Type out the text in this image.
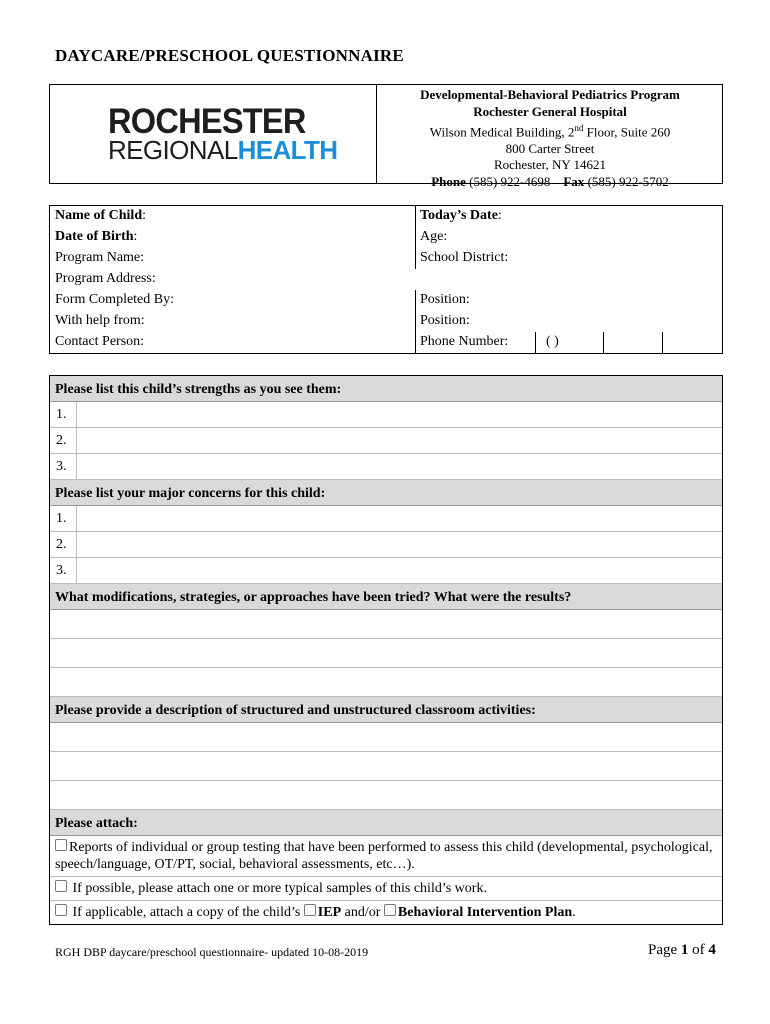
DAYCARE/PRESCHOOL QUESTIONNAIRE
ROCHESTER
REGIONALHEALTH
Developmental-Behavioral Pediatrics Program
Rochester General Hospital
Wilson Medical Building, 2nd Floor, Suite 260
800 Carter Street
Rochester, NY 14621
Phone (585) 922-4698 Fax (585) 922-5702
Name of Child:	Today’s Date:
Date of Birth:	Age:
Program Name:	School District:
Program Address:
Form Completed By:	Position:
With help from:	Position:
Contact Person:	Phone Number:	( )
Please list this child’s strengths as you see them:
1.
2.
3.
Please list your major concerns for this child:
1.
2.
3.
What modifications, strategies, or approaches have been tried? What were the results?
Please provide a description of structured and unstructured classroom activities:
Please attach:
Reports of individual or group testing that have been performed to assess this child (developmental, psychological, speech/language, OT/PT, social, behavioral assessments, etc…).
If possible, please attach one or more typical samples of this child’s work.
If applicable, attach a copy of the child’s IEP and/or Behavioral Intervention Plan.
RGH DBP daycare/preschool questionnaire- updated 10-08-2019	Page 1 of 4
